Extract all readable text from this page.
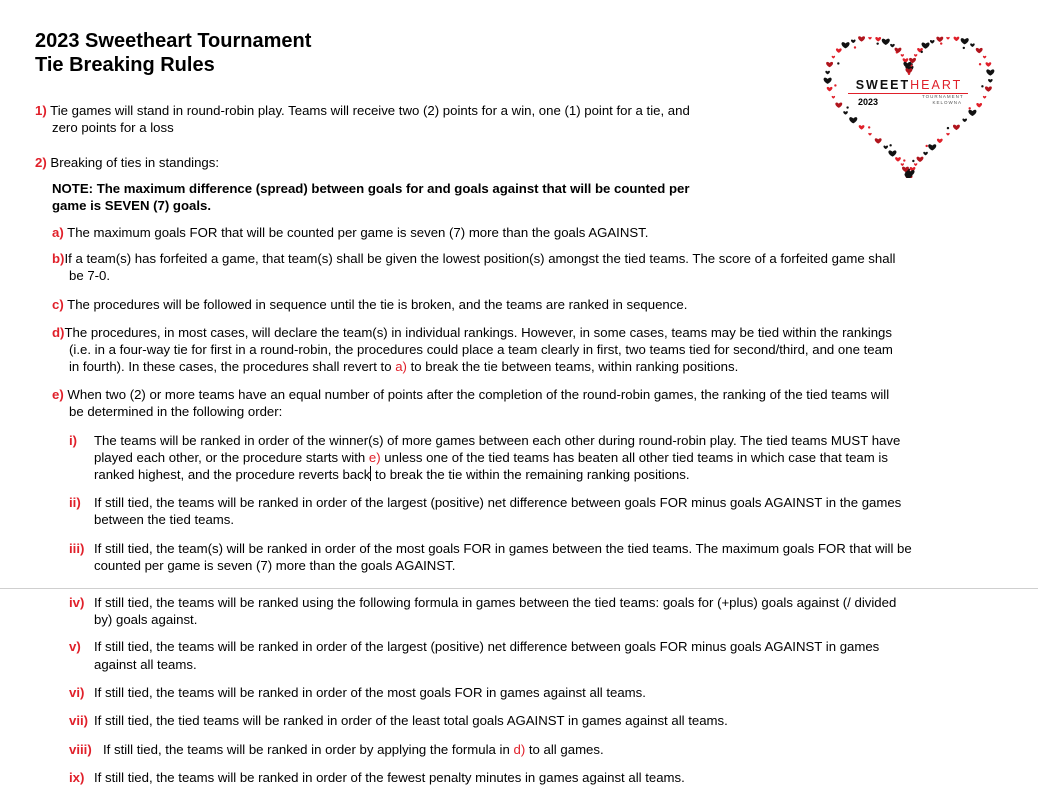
2023 Sweetheart Tournament
Tie Breaking Rules
SWEETHEART
2023
TOURNAMENT
KELOWNA
1) Tie games will stand in round-robin play. Teams will receive two (2) points for a win, one (1) point for a tie, and
zero points for a loss
2) Breaking of ties in standings:
NOTE: The maximum difference (spread) between goals for and goals against that will be counted per
game is SEVEN (7) goals.
a) The maximum goals FOR that will be counted per game is seven (7) more than the goals AGAINST.
b)If a team(s) has forfeited a game, that team(s) shall be given the lowest position(s) amongst the tied teams. The score of a forfeited game shall
be 7-0.
c) The procedures will be followed in sequence until the tie is broken, and the teams are ranked in sequence.
d)The procedures, in most cases, will declare the team(s) in individual rankings. However, in some cases, teams may be tied within the rankings
(i.e. in a four-way tie for first in a round-robin, the procedures could place a team clearly in first, two teams tied for second/third, and one team
in fourth). In these cases, the procedures shall revert to a) to break the tie between teams, within ranking positions.
e) When two (2) or more teams have an equal number of points after the completion of the round-robin games, the ranking of the tied teams will
be determined in the following order:
i) The teams will be ranked in order of the winner(s) of more games between each other during round-robin play. The tied teams MUST have
played each other, or the procedure starts with e) unless one of the tied teams has beaten all other tied teams in which case that team is
ranked highest, and the procedure reverts back to break the tie within the remaining ranking positions.
ii) If still tied, the teams will be ranked in order of the largest (positive) net difference between goals FOR minus goals AGAINST in the games
between the tied teams.
iii) If still tied, the team(s) will be ranked in order of the most goals FOR in games between the tied teams. The maximum goals FOR that will be
counted per game is seven (7) more than the goals AGAINST.
iv) If still tied, the teams will be ranked using the following formula in games between the tied teams: goals for (+plus) goals against (/ divided
by) goals against.
v) If still tied, the teams will be ranked in order of the largest (positive) net difference between goals FOR minus goals AGAINST in games
against all teams.
vi) If still tied, the teams will be ranked in order of the most goals FOR in games against all teams.
vii) If still tied, the tied teams will be ranked in order of the least total goals AGAINST in games against all teams.
viii) If still tied, the teams will be ranked in order by applying the formula in d) to all games.
ix) If still tied, the teams will be ranked in order of the fewest penalty minutes in games against all teams.
